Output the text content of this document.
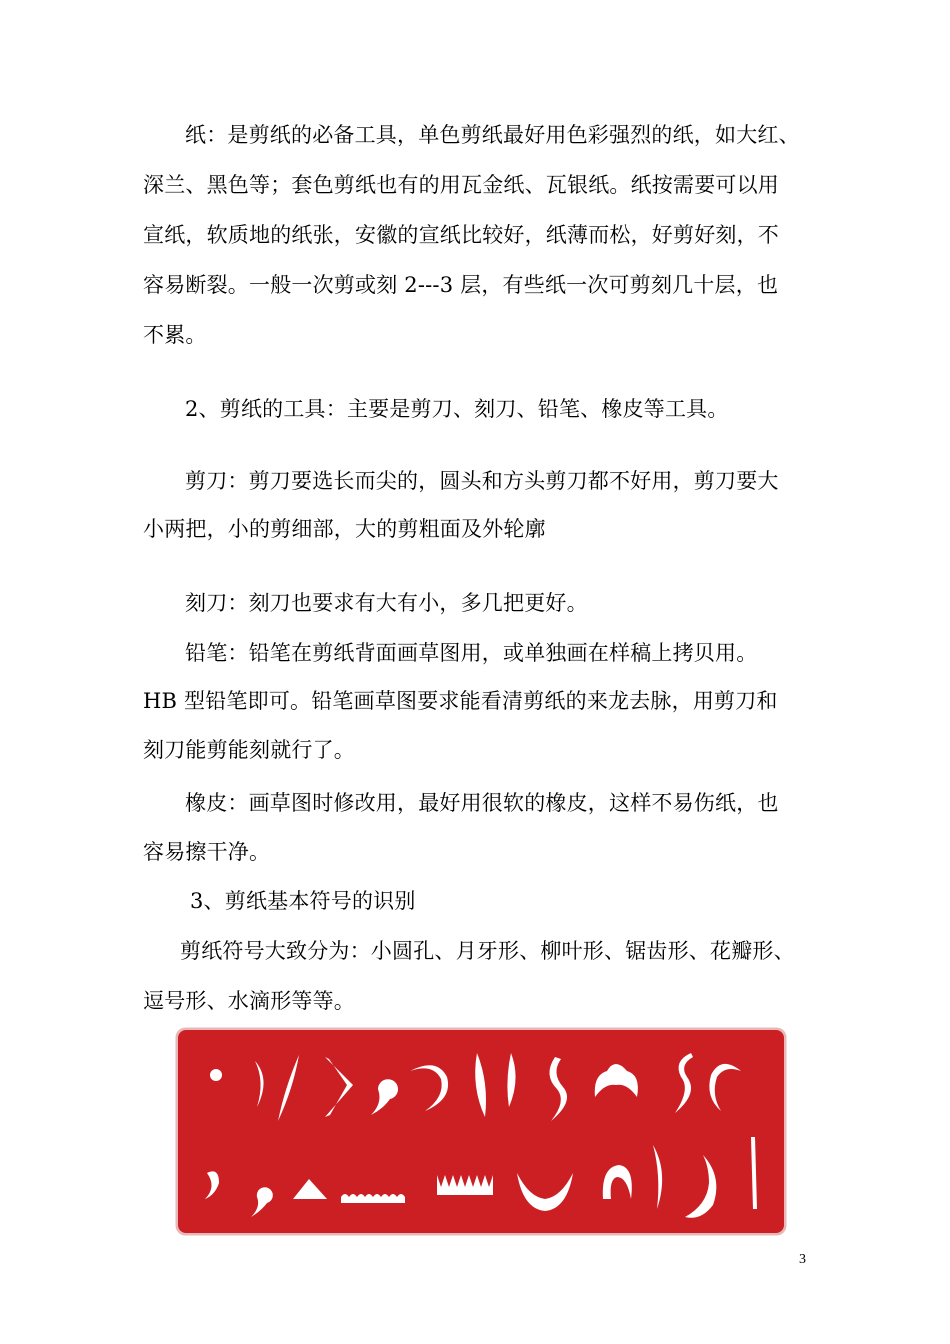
纸：是剪纸的必备工具，单色剪纸最好用色彩强烈的纸，如大红、
深兰、黑色等；套色剪纸也有的用瓦金纸、瓦银纸。纸按需要可以用
宣纸，软质地的纸张，安徽的宣纸比较好，纸薄而松，好剪好刻，不
容易断裂。一般一次剪或刻 2---3 层，有些纸一次可剪刻几十层，也
不累。
2、剪纸的工具：主要是剪刀、刻刀、铅笔、橡皮等工具。
剪刀：剪刀要选长而尖的，圆头和方头剪刀都不好用，剪刀要大
小两把，小的剪细部，大的剪粗面及外轮廓
刻刀：刻刀也要求有大有小，多几把更好。
铅笔：铅笔在剪纸背面画草图用，或单独画在样稿上拷贝用。
HB 型铅笔即可。铅笔画草图要求能看清剪纸的来龙去脉，用剪刀和
刻刀能剪能刻就行了。
橡皮：画草图时修改用，最好用很软的橡皮，这样不易伤纸，也
容易擦干净。
3、剪纸基本符号的识别
剪纸符号大致分为：小圆孔、月牙形、柳叶形、锯齿形、花瓣形、
逗号形、水滴形等等。
3
